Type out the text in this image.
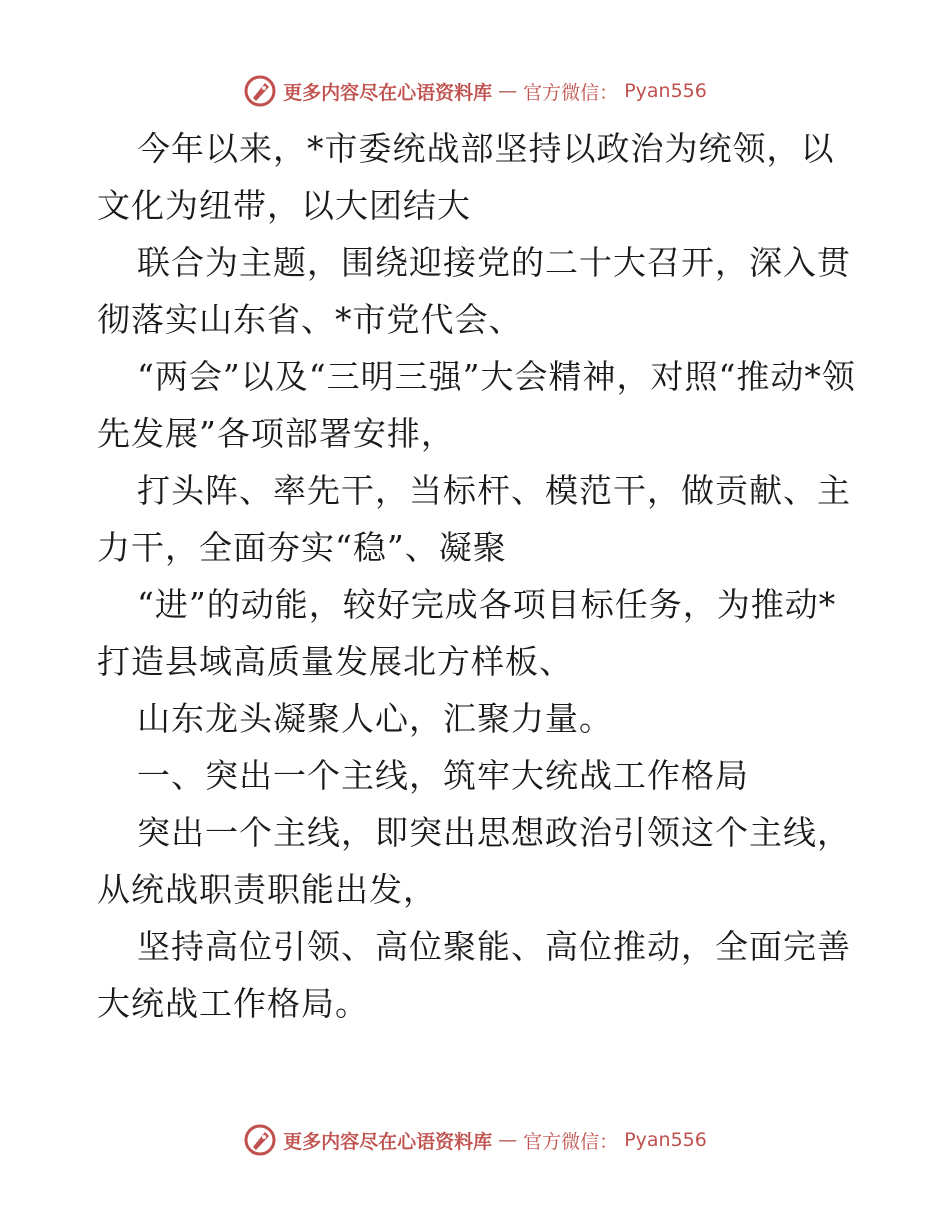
更多内容尽在心语资料库 — 官方微信： Pyan556

今年以来，*市委统战部坚持以政治为统领，以文化为纽带，以大团结大

联合为主题，围绕迎接党的二十大召开，深入贯彻落实山东省、*市党代会、

“两会”以及“三明三强”大会精神，对照“推动*领先发展”各项部署安排，

打头阵、率先干，当标杆、模范干，做贡献、主力干，全面夯实“稳”、凝聚

“进”的动能，较好完成各项目标任务，为推动*打造县域高质量发展北方样板、

山东龙头凝聚人心，汇聚力量。

一、突出一个主线，筑牢大统战工作格局

突出一个主线，即突出思想政治引领这个主线，从统战职责职能出发，

坚持高位引领、高位聚能、高位推动，全面完善大统战工作格局。

更多内容尽在心语资料库 — 官方微信： Pyan556
